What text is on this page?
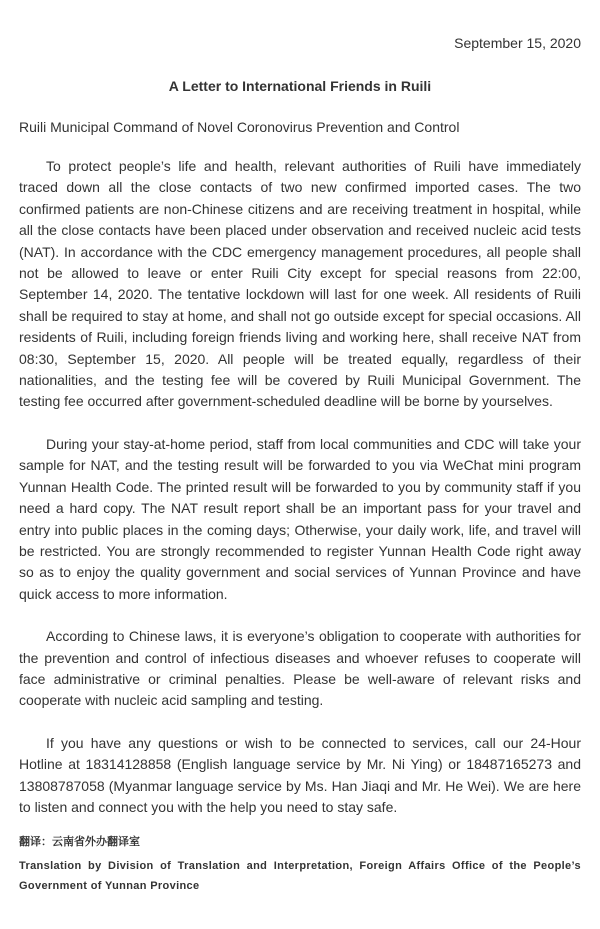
September 15, 2020

A Letter to International Friends in Ruili

Ruili Municipal Command of Novel Coronovirus Prevention and Control

To protect people’s life and health, relevant authorities of Ruili have immediately traced down all the close contacts of two new confirmed imported cases. The two confirmed patients are non-Chinese citizens and are receiving treatment in hospital, while all the close contacts have been placed under observation and received nucleic acid tests (NAT). In accordance with the CDC emergency management procedures, all people shall not be allowed to leave or enter Ruili City except for special reasons from 22:00, September 14, 2020. The tentative lockdown will last for one week. All residents of Ruili shall be required to stay at home, and shall not go outside except for special occasions. All residents of Ruili, including foreign friends living and working here, shall receive NAT from 08:30, September 15, 2020. All people will be treated equally, regardless of their nationalities, and the testing fee will be covered by Ruili Municipal Government. The testing fee occurred after government-scheduled deadline will be borne by yourselves.

During your stay-at-home period, staff from local communities and CDC will take your sample for NAT, and the testing result will be forwarded to you via WeChat mini program Yunnan Health Code. The printed result will be forwarded to you by community staff if you need a hard copy. The NAT result report shall be an important pass for your travel and entry into public places in the coming days; Otherwise, your daily work, life, and travel will be restricted. You are strongly recommended to register Yunnan Health Code right away so as to enjoy the quality government and social services of Yunnan Province and have quick access to more information.

According to Chinese laws, it is everyone’s obligation to cooperate with authorities for the prevention and control of infectious diseases and whoever refuses to cooperate will face administrative or criminal penalties. Please be well-aware of relevant risks and cooperate with nucleic acid sampling and testing.

If you have any questions or wish to be connected to services, call our 24-Hour Hotline at 18314128858 (English language service by Mr. Ni Ying) or 18487165273 and 13808787058 (Myanmar language service by Ms. Han Jiaqi and Mr. He Wei). We are here to listen and connect you with the help you need to stay safe.

翻译：云南省外办翻译室

Translation by Division of Translation and Interpretation, Foreign Affairs Office of the People’s Government of Yunnan Province
